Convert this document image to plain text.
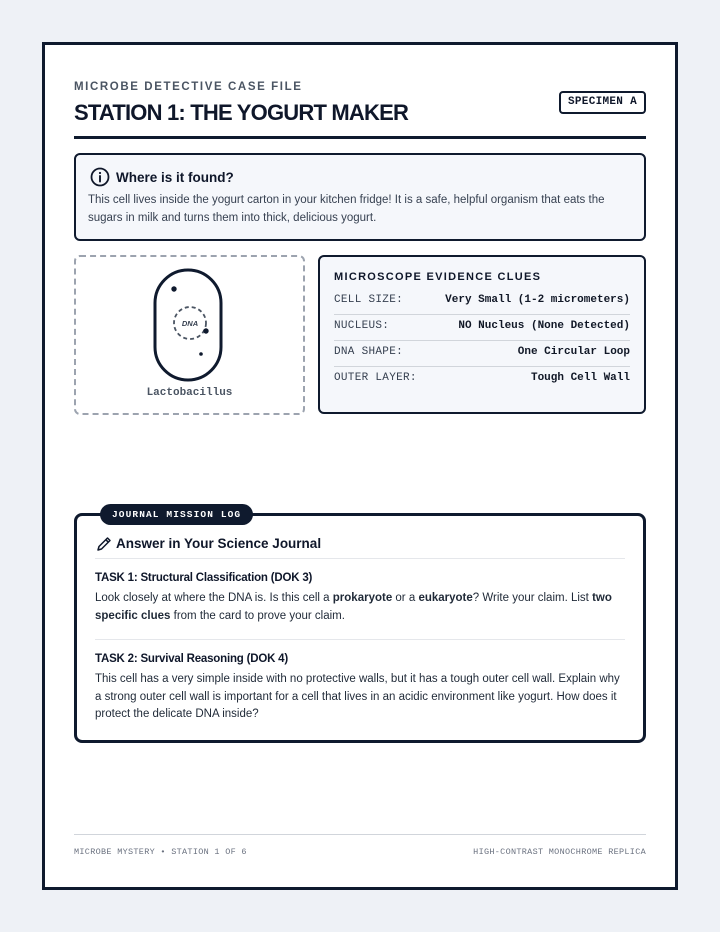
MICROBE DETECTIVE CASE FILE
STATION 1: THE YOGURT MAKER	SPECIMEN A
Where is it found?
This cell lives inside the yogurt carton in your kitchen fridge! It is a safe, helpful organism that eats the sugars in milk and turns them into thick, delicious yogurt.
DNA
Lactobacillus
MICROSCOPE EVIDENCE CLUES
CELL SIZE:	Very Small (1-2 micrometers)
NUCLEUS:	NO Nucleus (None Detected)
DNA SHAPE:	One Circular Loop
OUTER LAYER:	Tough Cell Wall
Answer in Your Science Journal
TASK 1: Structural Classification (DOK 3)
Look closely at where the DNA is. Is this cell a prokaryote or a eukaryote? Write your claim. List two specific clues from the card to prove your claim.
TASK 2: Survival Reasoning (DOK 4)
This cell has a very simple inside with no protective walls, but it has a tough outer cell wall. Explain why a strong outer cell wall is important for a cell that lives in an acidic environment like yogurt. How does it protect the delicate DNA inside?
JOURNAL MISSION LOG
MICROBE MYSTERY • STATION 1 OF 6	HIGH-CONTRAST MONOCHROME REPLICA
